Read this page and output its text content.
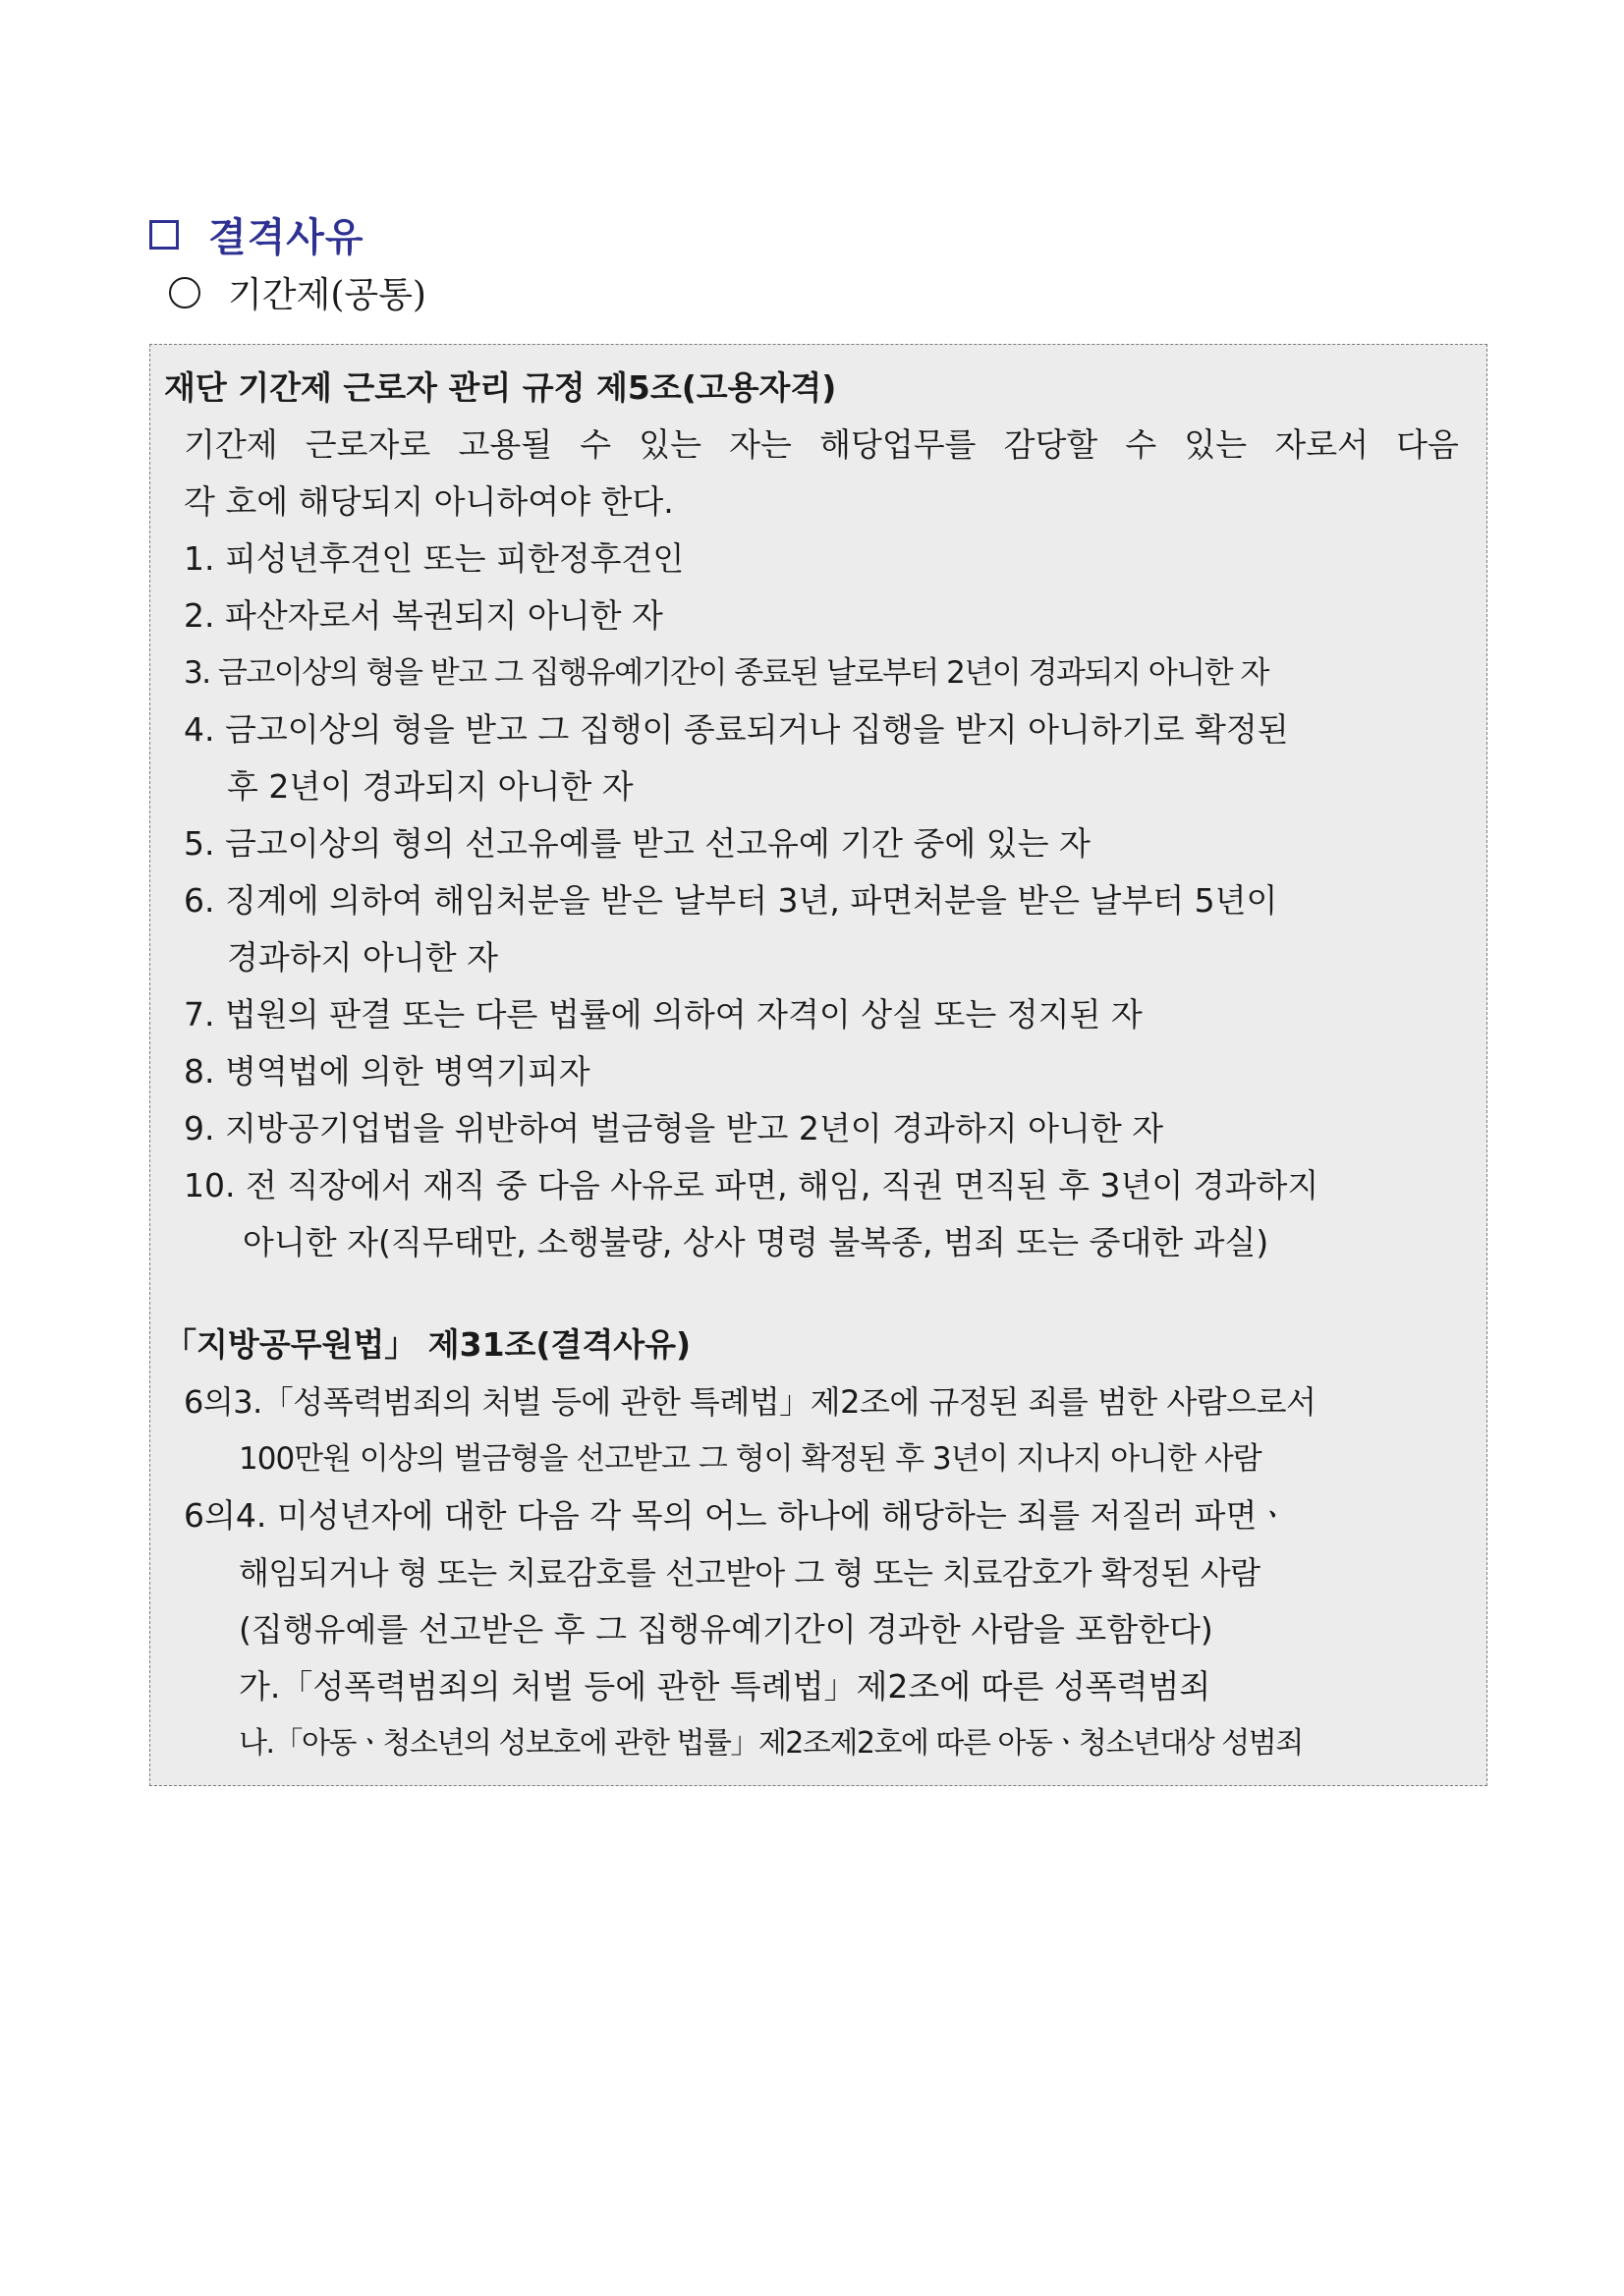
결격사유
기간제(공통)
재단 기간제 근로자 관리 규정 제5조(고용자격)
기간제 근로자로 고용될 수 있는 자는 해당업무를 감당할 수 있는 자로서 다음
각 호에 해당되지 아니하여야 한다.
1. 피성년후견인 또는 피한정후견인
2. 파산자로서 복권되지 아니한 자
3. 금고이상의 형을 받고 그 집행유예기간이 종료된 날로부터 2년이 경과되지 아니한 자
4. 금고이상의 형을 받고 그 집행이 종료되거나 집행을 받지 아니하기로 확정된
후 2년이 경과되지 아니한 자
5. 금고이상의 형의 선고유예를 받고 선고유예 기간 중에 있는 자
6. 징계에 의하여 해임처분을 받은 날부터 3년, 파면처분을 받은 날부터 5년이
경과하지 아니한 자
7. 법원의 판결 또는 다른 법률에 의하여 자격이 상실 또는 정지된 자
8. 병역법에 의한 병역기피자
9. 지방공기업법을 위반하여 벌금형을 받고 2년이 경과하지 아니한 자
10. 전 직장에서 재직 중 다음 사유로 파면, 해임, 직권 면직된 후 3년이 경과하지
아니한 자(직무태만, 소행불량, 상사 명령 불복종, 범죄 또는 중대한 과실)
「지방공무원법」 제31조(결격사유)
6의3.「성폭력범죄의 처벌 등에 관한 특례법」제2조에 규정된 죄를 범한 사람으로서
100만원 이상의 벌금형을 선고받고 그 형이 확정된 후 3년이 지나지 아니한 사람
6의4. 미성년자에 대한 다음 각 목의 어느 하나에 해당하는 죄를 저질러 파면ㆍ
해임되거나 형 또는 치료감호를 선고받아 그 형 또는 치료감호가 확정된 사람
(집행유예를 선고받은 후 그 집행유예기간이 경과한 사람을 포함한다)
가.「성폭력범죄의 처벌 등에 관한 특례법」제2조에 따른 성폭력범죄
나.「아동ㆍ청소년의 성보호에 관한 법률」제2조제2호에 따른 아동ㆍ청소년대상 성범죄
